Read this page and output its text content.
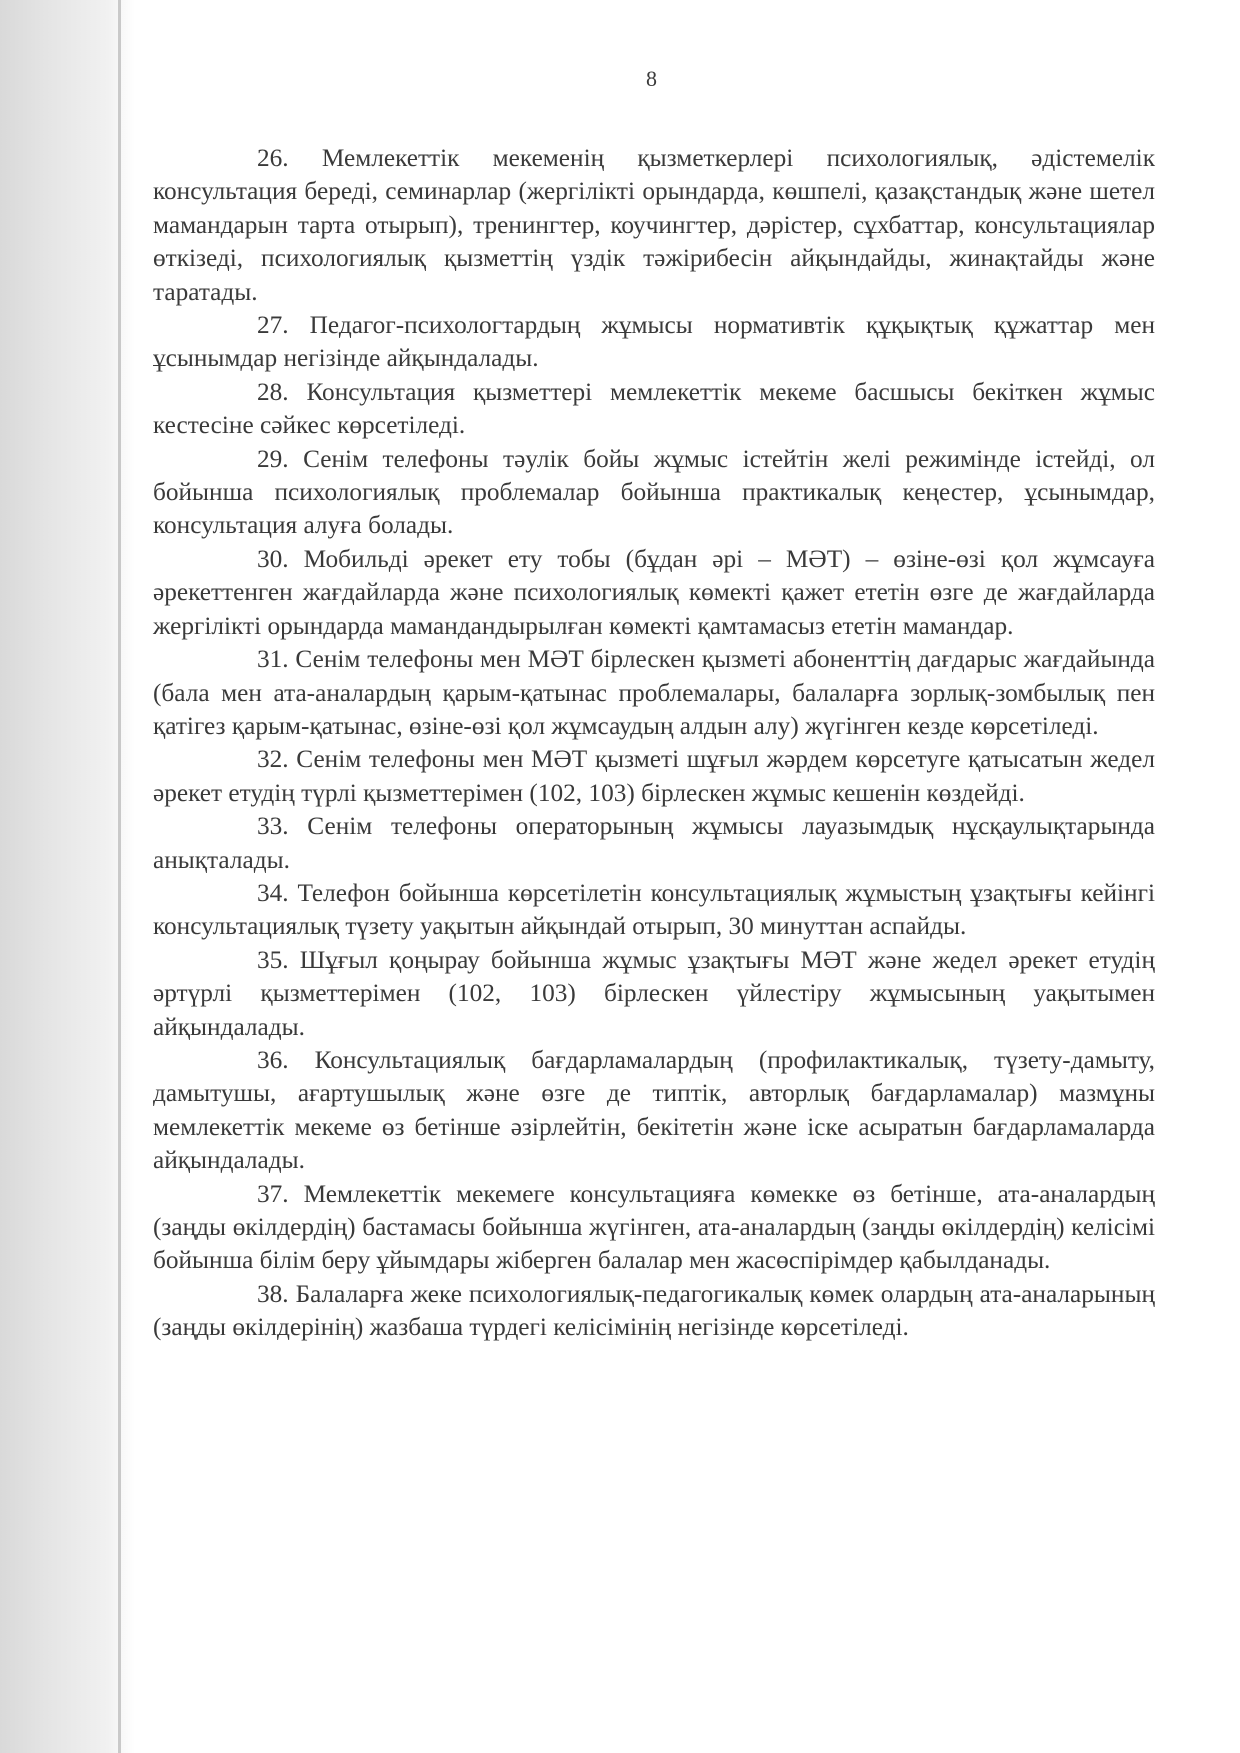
8

26. Мемлекеттік мекеменің қызметкерлері психологиялық, әдістемелік консультация береді, семинарлар (жергілікті орындарда, көшпелі, қазақстандық және шетел мамандарын тарта отырып), тренингтер, коучингтер, дәрістер, сұхбаттар, консультациялар өткізеді, психологиялық қызметтің үздік тәжірибесін айқындайды, жинақтайды және таратады.

27. Педагог-психологтардың жұмысы нормативтік құқықтық құжаттар мен ұсынымдар негізінде айқындалады.

28. Консультация қызметтері мемлекеттік мекеме басшысы бекіткен жұмыс кестесіне сәйкес көрсетіледі.

29. Сенім телефоны тәулік бойы жұмыс істейтін желі режимінде істейді, ол бойынша психологиялық проблемалар бойынша практикалық кеңестер, ұсынымдар, консультация алуға болады.

30. Мобильді әрекет ету тобы (бұдан әрі – МӘТ) – өзіне-өзі қол жұмсауға әрекеттенген жағдайларда және психологиялық көмекті қажет ететін өзге де жағдайларда жергілікті орындарда мамандандырылған көмекті қамтамасыз ететін мамандар.

31. Сенім телефоны мен МӘТ бірлескен қызметі абоненттің дағдарыс жағдайында (бала мен ата-аналардың қарым-қатынас проблемалары, балаларға зорлық-зомбылық пен қатігез қарым-қатынас, өзіне-өзі қол жұмсаудың алдын алу) жүгінген кезде көрсетіледі.

32. Сенім телефоны мен МӘТ қызметі шұғыл жәрдем көрсетуге қатысатын жедел әрекет етудің түрлі қызметтерімен (102, 103) бірлескен жұмыс кешенін көздейді.

33. Сенім телефоны операторының жұмысы лауазымдық нұсқаулықтарында анықталады.

34. Телефон бойынша көрсетілетін консультациялық жұмыстың ұзақтығы кейінгі консультациялық түзету уақытын айқындай отырып, 30 минуттан аспайды.

35. Шұғыл қоңырау бойынша жұмыс ұзақтығы МӘТ және жедел әрекет етудің әртүрлі қызметтерімен (102, 103) бірлескен үйлестіру жұмысының уақытымен айқындалады.

36. Консультациялық бағдарламалардың (профилактикалық, түзету-дамыту, дамытушы, ағартушылық және өзге де типтік, авторлық бағдарламалар) мазмұны мемлекеттік мекеме өз бетінше әзірлейтін, бекітетін және іске асыратын бағдарламаларда айқындалады.

37. Мемлекеттік мекемеге консультацияға көмекке өз бетінше, ата-аналардың (заңды өкілдердің) бастамасы бойынша жүгінген, ата-аналардың (заңды өкілдердің) келісімі бойынша білім беру ұйымдары жіберген балалар мен жасөспірімдер қабылданады.

38. Балаларға жеке психологиялық-педагогикалық көмек олардың ата-аналарының (заңды өкілдерінің) жазбаша түрдегі келісімінің негізінде көрсетіледі.
